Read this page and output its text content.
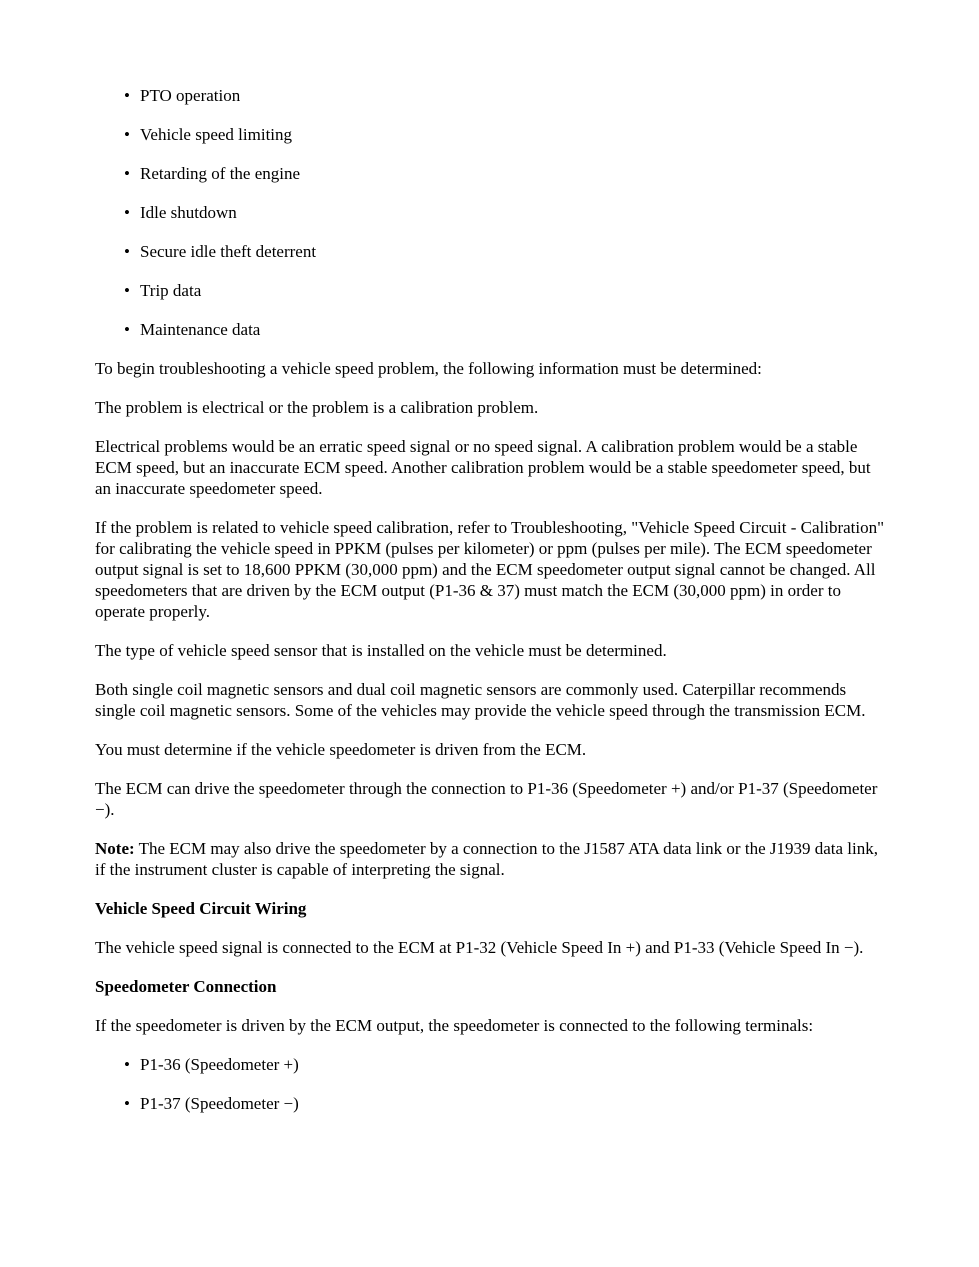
• PTO operation
• Vehicle speed limiting
• Retarding of the engine
• Idle shutdown
• Secure idle theft deterrent
• Trip data
• Maintenance data

To begin troubleshooting a vehicle speed problem, the following information must be determined:

The problem is electrical or the problem is a calibration problem.

Electrical problems would be an erratic speed signal or no speed signal. A calibration problem would be a stable ECM speed, but an inaccurate ECM speed. Another calibration problem would be a stable speedometer speed, but an inaccurate speedometer speed.

If the problem is related to vehicle speed calibration, refer to Troubleshooting, "Vehicle Speed Circuit - Calibration" for calibrating the vehicle speed in PPKM (pulses per kilometer) or ppm (pulses per mile). The ECM speedometer output signal is set to 18,600 PPKM (30,000 ppm) and the ECM speedometer output signal cannot be changed. All speedometers that are driven by the ECM output (P1-36 & 37) must match the ECM (30,000 ppm) in order to operate properly.

The type of vehicle speed sensor that is installed on the vehicle must be determined.

Both single coil magnetic sensors and dual coil magnetic sensors are commonly used. Caterpillar recommends single coil magnetic sensors. Some of the vehicles may provide the vehicle speed through the transmission ECM.

You must determine if the vehicle speedometer is driven from the ECM.

The ECM can drive the speedometer through the connection to P1-36 (Speedometer +) and/or P1-37 (Speedometer −).

Note: The ECM may also drive the speedometer by a connection to the J1587 ATA data link or the J1939 data link, if the instrument cluster is capable of interpreting the signal.

Vehicle Speed Circuit Wiring

The vehicle speed signal is connected to the ECM at P1-32 (Vehicle Speed In +) and P1-33 (Vehicle Speed In −).

Speedometer Connection

If the speedometer is driven by the ECM output, the speedometer is connected to the following terminals:

• P1-36 (Speedometer +)
• P1-37 (Speedometer −)
